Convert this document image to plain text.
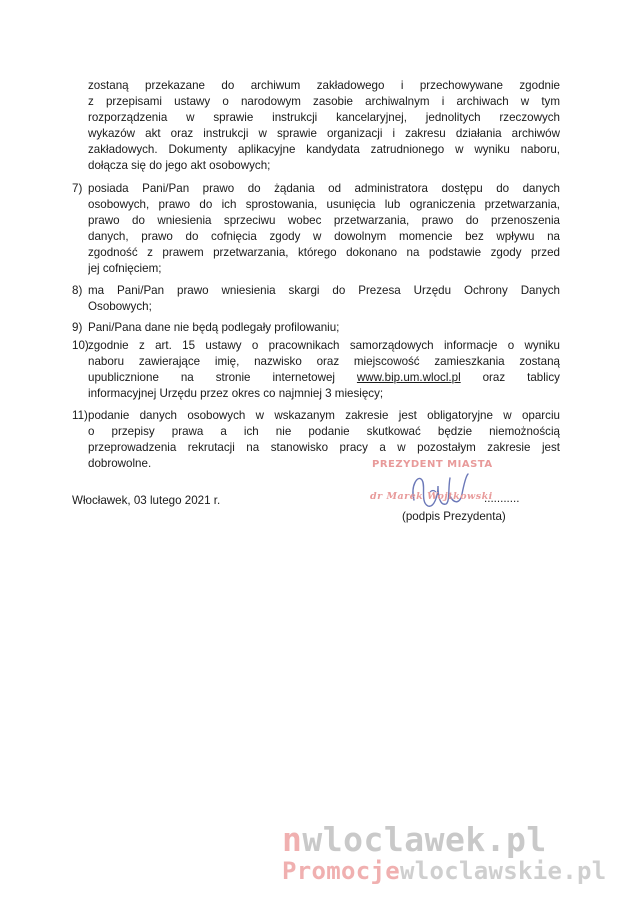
zostaną przekazane do archiwum zakładowego i przechowywane zgodnie

z przepisami ustawy o narodowym zasobie archiwalnym i archiwach w tym

rozporządzenia w sprawie instrukcji kancelaryjnej, jednolitych rzeczowych

wykazów akt oraz instrukcji w sprawie organizacji i zakresu działania archiwów

zakładowych. Dokumenty aplikacyjne kandydata zatrudnionego w wyniku naboru,

dołącza się do jego akt osobowych;

7) posiada Pani/Pan prawo do żądania od administratora dostępu do danych

osobowych, prawo do ich sprostowania, usunięcia lub ograniczenia przetwarzania,

prawo do wniesienia sprzeciwu wobec przetwarzania, prawo do przenoszenia

danych, prawo do cofnięcia zgody w dowolnym momencie bez wpływu na

zgodność z prawem przetwarzania, którego dokonano na podstawie zgody przed

jej cofnięciem;

8) ma Pani/Pan prawo wniesienia skargi do Prezesa Urzędu Ochrony Danych

Osobowych;

9) Pani/Pana dane nie będą podlegały profilowaniu;

10) zgodnie z art. 15 ustawy o pracownikach samorządowych informacje o wyniku

naboru zawierające imię, nazwisko oraz miejscowość zamieszkania zostaną

upublicznione na stronie internetowej www.bip.um.wlocl.pl oraz tablicy

informacyjnej Urzędu przez okres co najmniej 3 miesięcy;

11) podanie danych osobowych w wskazanym zakresie jest obligatoryjne w oparciu

o przepisy prawa a ich nie podanie skutkować będzie niemożnością

przeprowadzenia rekrutacji na stanowisko pracy a w pozostałym zakresie jest

dobrowolne.

Włocławek, 03 lutego 2021 r.
PREZYDENT MIASTA
dr Marek Wojtkowski
...........
(podpis Prezydenta)
nwloclawek.pl
Promocjewloclawskie.pl
